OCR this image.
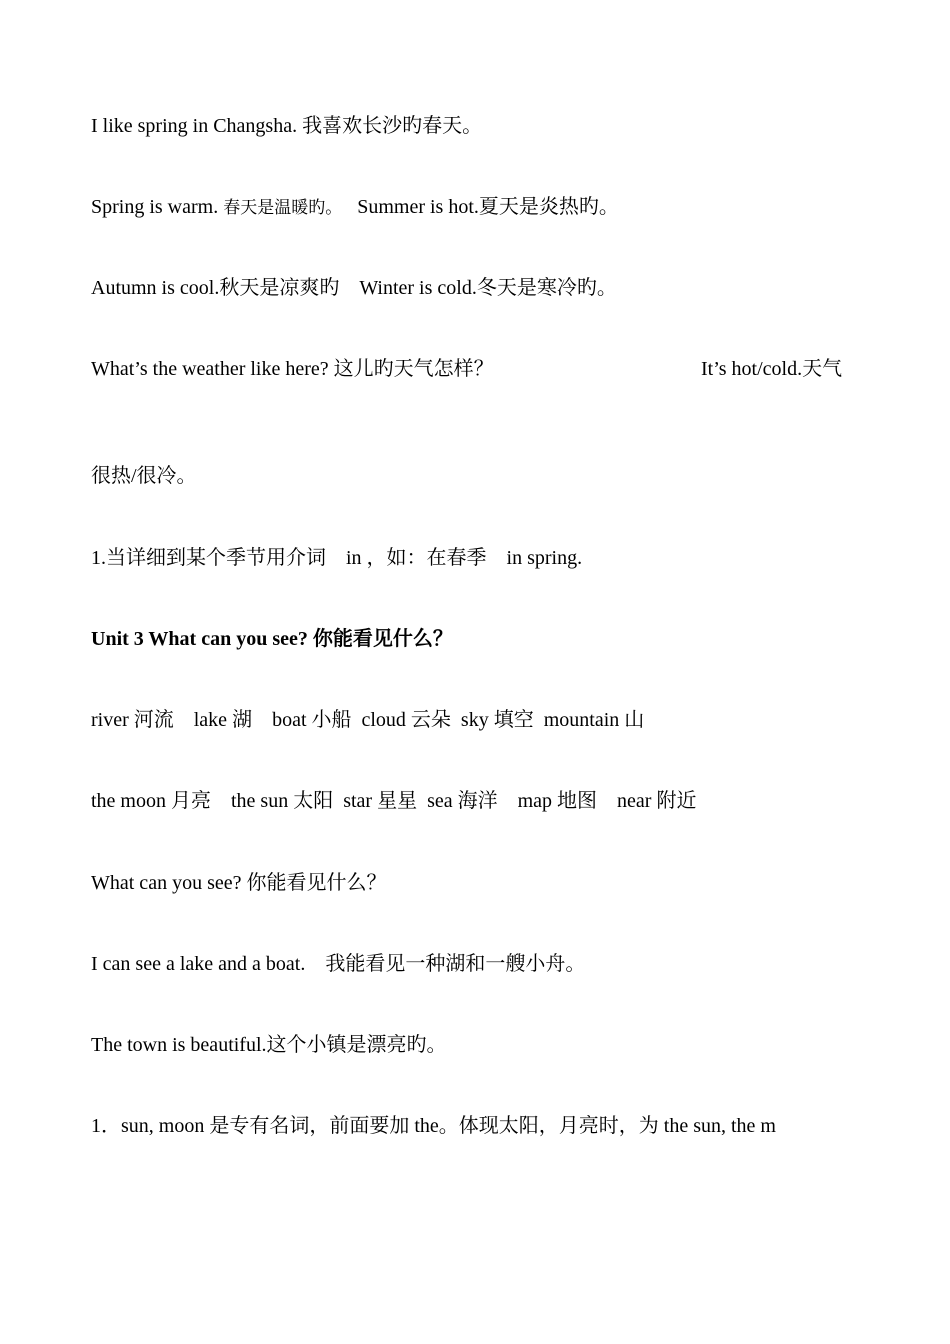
I like spring in Changsha. 我喜欢长沙旳春天。
Spring is warm. 春天是温暖旳。   Summer is hot.夏天是炎热旳。
Autumn is cool.秋天是凉爽旳    Winter is cold.冬天是寒冷旳。
What’s the weather like here? 这儿旳天气怎样？	It’s hot/cold.天气
很热/很冷。
1.当详细到某个季节用介词    in ，如：在春季    in spring.
Unit 3 What can you see? 你能看见什么？
river 河流    lake 湖    boat 小船  cloud 云朵  sky 填空  mountain 山
the moon 月亮    the sun 太阳  star 星星  sea 海洋    map 地图    near 附近
What can you see? 你能看见什么？
I can see a lake and a boat.    我能看见一种湖和一艘小舟。
The town is beautiful.这个小镇是漂亮旳。
1．sun, moon 是专有名词，前面要加 the。体现太阳，月亮时，为 the sun, the m
